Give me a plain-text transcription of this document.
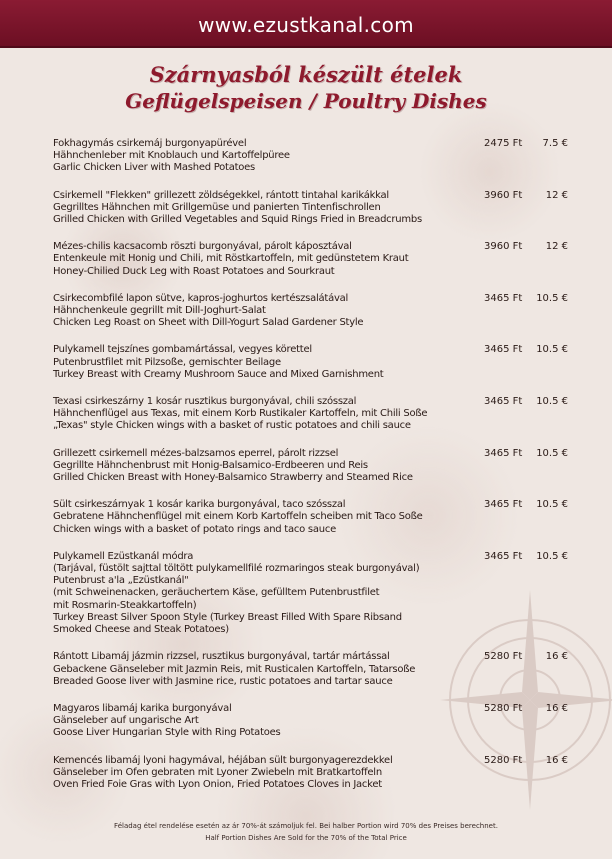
www.ezustkanal.com
Szárnyasból készült ételek
Geflügelspeisen / Poultry Dishes
Fokhagymás csirkemáj burgonyapürével
Hähnchenleber mit Knoblauch und Kartoffelpüree
Garlic Chicken Liver with Mashed Potatoes
2475 Ft	7.5 €
Csirkemell "Flekken" grillezett zöldségekkel, rántott tintahal karikákkal
Gegrilltes Hähnchen mit Grillgemüse und panierten Tintenfischrollen
Grilled Chicken with Grilled Vegetables and Squid Rings Fried in Breadcrumbs
3960 Ft	12 €
Mézes-chilis kacsacomb röszti burgonyával, párolt káposztával
Entenkeule mit Honig und Chili, mit Röstkartoffeln, mit gedünstetem Kraut
Honey-Chilied Duck Leg with Roast Potatoes and Sourkraut
3960 Ft	12 €
Csirkecombfilé lapon sütve, kapros-joghurtos kertészsalátával
Hähnchenkeule gegrillt mit Dill-Joghurt-Salat
Chicken Leg Roast on Sheet with Dill-Yogurt Salad Gardener Style
3465 Ft	10.5 €
Pulykamell tejszínes gombamártással, vegyes körettel
Putenbrustfilet mit Pilzsoße, gemischter Beilage
Turkey Breast with Creamy Mushroom Sauce and Mixed Garnishment
3465 Ft	10.5 €
Texasi csirkeszárny 1 kosár rusztikus burgonyával, chili szósszal
Hähnchenflügel aus Texas, mit einem Korb Rustikaler Kartoffeln, mit Chili Soße
„Texas" style Chicken wings with a basket of rustic potatoes and chili sauce
3465 Ft	10.5 €
Grillezett csirkemell mézes-balzsamos eperrel, párolt rizzsel
Gegrillte Hähnchenbrust mit Honig-Balsamico-Erdbeeren und Reis
Grilled Chicken Breast with Honey-Balsamico Strawberry and Steamed Rice
3465 Ft	10.5 €
Sült csirkeszárnyak 1 kosár karika burgonyával, taco szósszal
Gebratene Hähnchenflügel mit einem Korb Kartoffeln scheiben mit Taco Soße
Chicken wings with a basket of potato rings and taco sauce
3465 Ft	10.5 €
Pulykamell Ezüstkanál módra
(Tarjával, füstölt sajttal töltött pulykamellfilé rozmaringos steak burgonyával)
Putenbrust a'la „Ezüstkanál"
(mit Schweinenacken, geräuchertem Käse, gefülltem Putenbrustfilet
mit Rosmarin-Steakkartoffeln)
Turkey Breast Silver Spoon Style (Turkey Breast Filled With Spare Ribsand
Smoked Cheese and Steak Potatoes)
3465 Ft	10.5 €
Rántott Libamáj jázmin rizzsel, rusztikus burgonyával, tartár mártással
Gebackene Gänseleber mit Jazmin Reis, mit Rusticalen Kartoffeln, Tatarsoße
Breaded Goose liver with Jasmine rice, rustic potatoes and tartar sauce
5280 Ft	16 €
Magyaros libamáj karika burgonyával
Gänseleber auf ungarische Art
Goose Liver Hungarian Style with Ring Potatoes
5280 Ft	16 €
Kemencés libamáj lyoni hagymával, héjában sült burgonyagerezdekkel
Gänseleber im Ofen gebraten mit Lyoner Zwiebeln mit Bratkartoffeln
Oven Fried Foie Gras with Lyon Onion, Fried Potatoes Cloves in Jacket
5280 Ft	16 €
Féladag étel rendelése esetén az ár 70%-át számoljuk fel. Bei halber Portion wird 70% des Preises berechnet.
Half Portion Dishes Are Sold for the 70% of the Total Price
